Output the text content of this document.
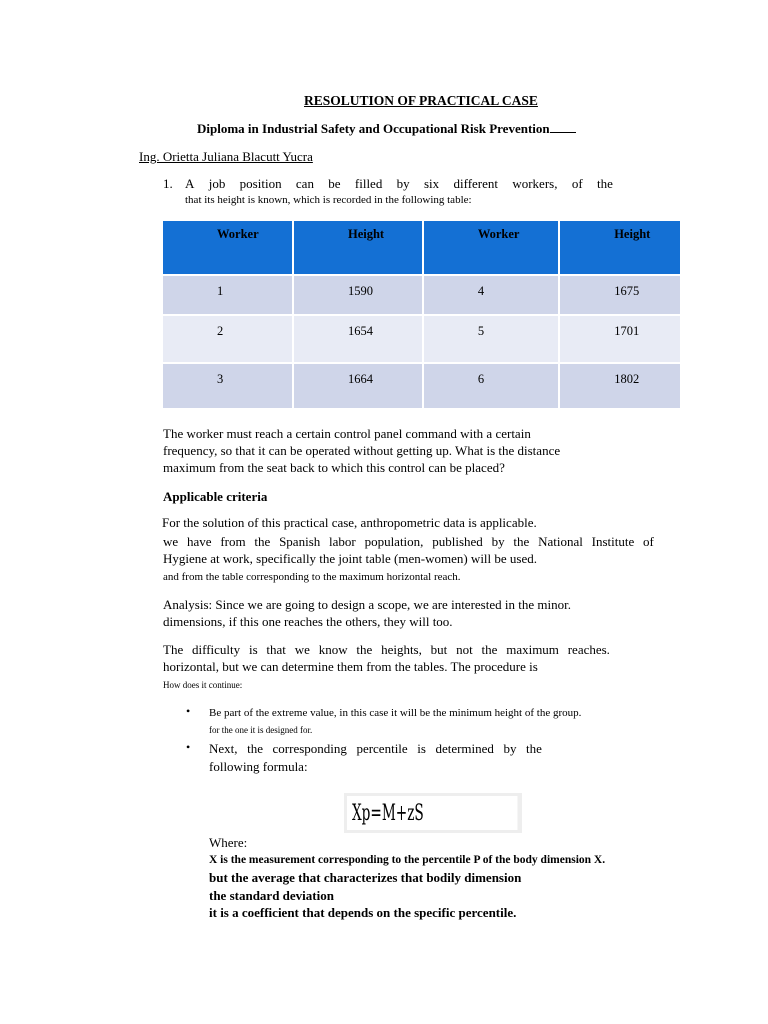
RESOLUTION OF PRACTICAL CASE
Diploma in Industrial Safety and Occupational Risk Prevention
Ing. Orietta Juliana Blacutt Yucra
1. A job position can be filled by six different workers, of the
that its height is known, which is recorded in the following table:
Worker	Height	Worker	Height
1	1590	4	1675
2	1654	5	1701
3	1664	6	1802
The worker must reach a certain control panel command with a certain
frequency, so that it can be operated without getting up. What is the distance
maximum from the seat back to which this control can be placed?
Applicable criteria
For the solution of this practical case, anthropometric data is applicable.
we have from the Spanish labor population, published by the National Institute of
Hygiene at work, specifically the joint table (men-women) will be used.
and from the table corresponding to the maximum horizontal reach.
Analysis: Since we are going to design a scope, we are interested in the minor.
dimensions, if this one reaches the others, they will too.
The difficulty is that we know the heights, but not the maximum reaches.
horizontal, but we can determine them from the tables. The procedure is
How does it continue:
• Be part of the extreme value, in this case it will be the minimum height of the group.
for the one it is designed for.
• Next, the corresponding percentile is determined by the
following formula:
Xp=M+zS
Where:
X is the measurement corresponding to the percentile P of the body dimension X.
but the average that characterizes that bodily dimension
the standard deviation
it is a coefficient that depends on the specific percentile.
